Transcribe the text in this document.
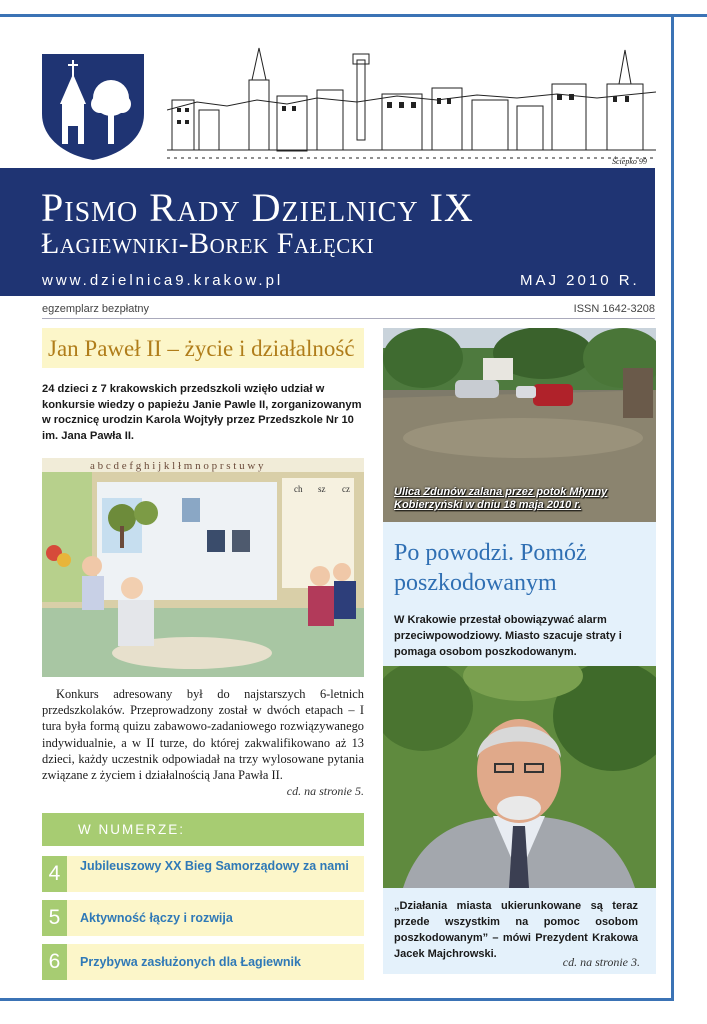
Ściepko 99
Pismo Rady Dzielnicy IX
Łagiewniki-Borek Fałęcki
www.dzielnica9.krakow.pl	MAJ 2010 R.
egzemplarz bezpłatny	ISSN 1642-3208
Jan Paweł II – życie i działalność

24 dzieci z 7 krakowskich przedszkoli wzięło udział w konkursie wiedzy o papieżu Janie Pawle II, zorganizowanym w rocznicę urodzin Karola Wojtyły przez Przedszkole Nr 10 im. Jana Pawła II.

a b c d e f g h i j k l ł m n o p r s t u w y
ch sz cz

Konkurs adresowany był do najstarszych 6-letnich przedszkolaków. Przeprowadzony został w dwóch etapach – I tura była formą quizu zabawowo-zadaniowego rozwiązywanego indywidualnie, a w II turze, do której zakwalifikowano aż 13 dzieci, każdy uczestnik odpowiadał na trzy wylosowane pytania związane z życiem i działalnością Jana Pawła II.

cd. na stronie 5.
W NUMERZE:
4	Jubileuszowy XX Bieg Samorządowy za nami
5	Aktywność łączy i rozwija
6	Przybywa zasłużonych dla Łagiewnik
Ulica Zdunów zalana przez potok Młynny Kobierzyński w dniu 18 maja 2010 r.
Po powodzi. Pomóż poszkodowanym

W Krakowie przestał obowiązywać alarm przeciwpowodziowy. Miasto szacuje straty i pomaga osobom poszkodowanym.

„Działania miasta ukierunkowane są teraz przede wszystkim na pomoc osobom poszkodowanym” – mówi Prezydent Krakowa Jacek Majchrowski.

cd. na stronie 3.
